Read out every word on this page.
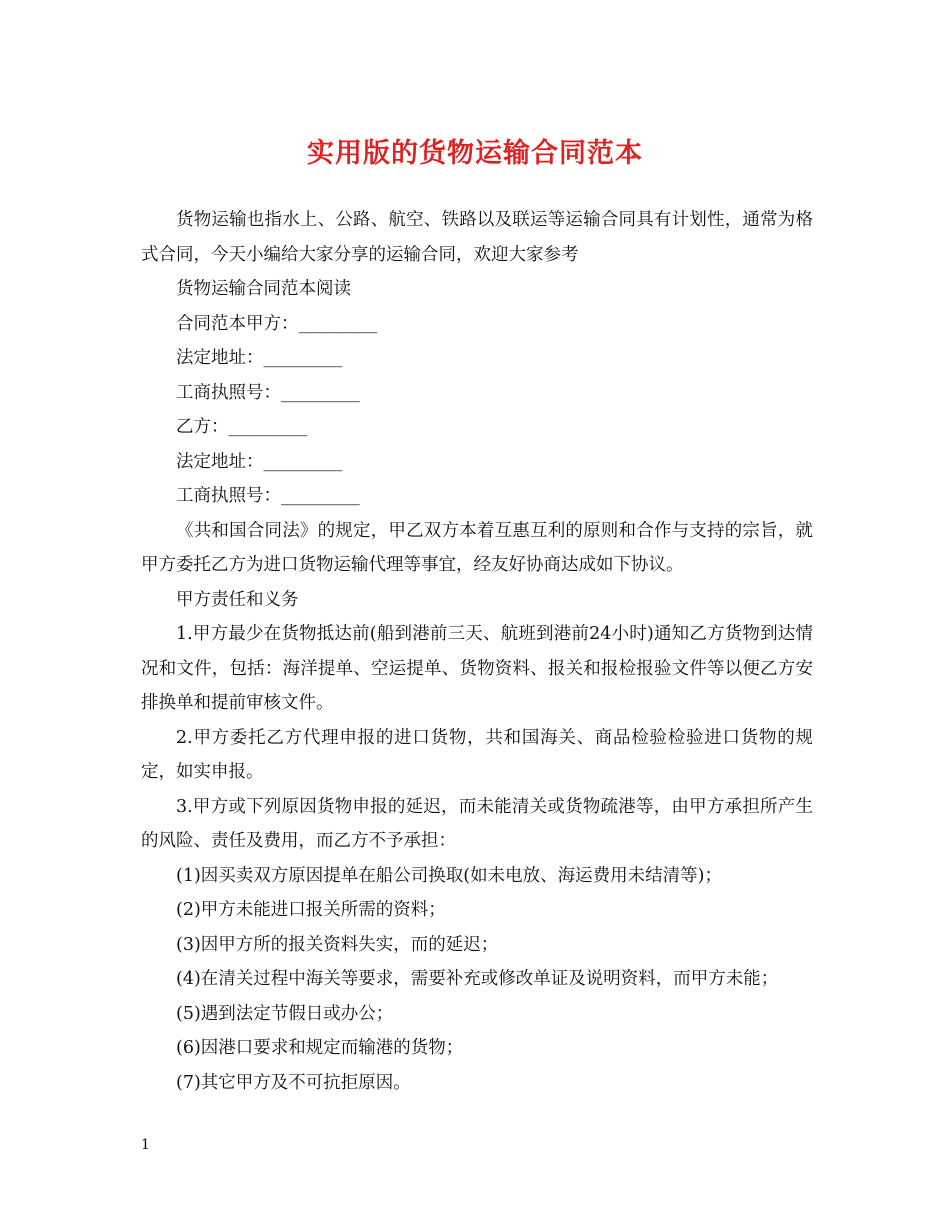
实用版的货物运输合同范本

货物运输也指水上、公路、航空、铁路以及联运等运输合同具有计划性，通常为格式合同，今天小编给大家分享的运输合同，欢迎大家参考

货物运输合同范本阅读

合同范本甲方：_________

法定地址：_________

工商执照号：_________

乙方：_________

法定地址：_________

工商执照号：_________

《共和国合同法》的规定，甲乙双方本着互惠互利的原则和合作与支持的宗旨，就甲方委托乙方为进口货物运输代理等事宜，经友好协商达成如下协议。

甲方责任和义务

1.甲方最少在货物抵达前(船到港前三天、航班到港前24小时)通知乙方货物到达情况和文件，包括：海洋提单、空运提单、货物资料、报关和报检报验文件等以便乙方安排换单和提前审核文件。

2.甲方委托乙方代理申报的进口货物，共和国海关、商品检验检验进口货物的规定，如实申报。

3.甲方或下列原因货物申报的延迟，而未能清关或货物疏港等，由甲方承担所产生的风险、责任及费用，而乙方不予承担：

(1)因买卖双方原因提单在船公司换取(如未电放、海运费用未结清等)；

(2)甲方未能进口报关所需的资料；

(3)因甲方所的报关资料失实，而的延迟；

(4)在清关过程中海关等要求，需要补充或修改单证及说明资料，而甲方未能；

(5)遇到法定节假日或办公；

(6)因港口要求和规定而输港的货物；

(7)其它甲方及不可抗拒原因。

1
